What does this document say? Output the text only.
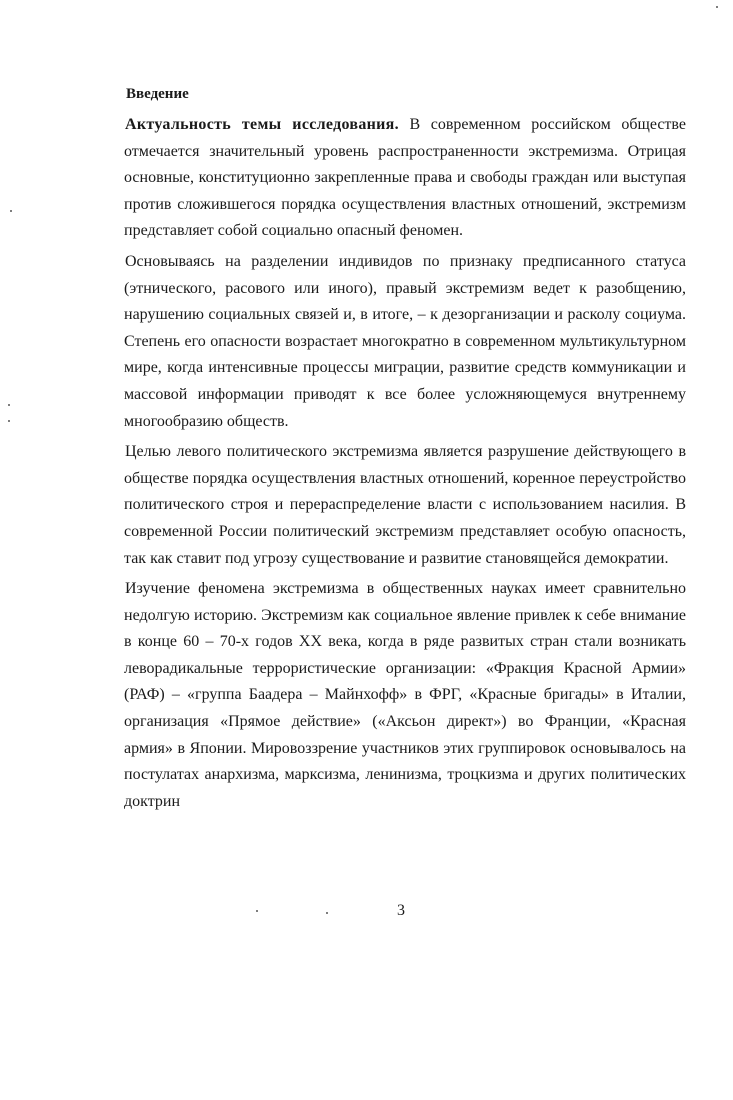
Введение

Актуальность темы исследования. В современном российском обществе отмечается значительный уровень распространенности экстремизма. Отрицая основные, конституционно закрепленные права и свободы граждан или выступая против сложившегося порядка осуществления властных отношений, экстремизм представляет собой социально опасный феномен.

Основываясь на разделении индивидов по признаку предписанного статуса (этнического, расового или иного), правый экстремизм ведет к разобщению, нарушению социальных связей и, в итоге, – к дезорганизации и расколу социума. Степень его опасности возрастает многократно в современном мультикультурном мире, когда интенсивные процессы миграции, развитие средств коммуникации и массовой информации приводят к все более усложняющемуся внутреннему многообразию обществ.

Целью левого политического экстремизма является разрушение действующего в обществе порядка осуществления властных отношений, коренное переустройство политического строя и перераспределение власти с использованием насилия. В современной России политический экстремизм представляет особую опасность, так как ставит под угрозу существование и развитие становящейся демократии.

Изучение феномена экстремизма в общественных науках имеет сравнительно недолгую историю. Экстремизм как социальное явление привлек к себе внимание в конце 60 – 70-х годов XX века, когда в ряде развитых стран стали возникать леворадикальные террористические организации: «Фракция Красной Армии» (РАФ) – «группа Баадера – Майнхофф» в ФРГ, «Красные бригады» в Италии, организация «Прямое действие» («Аксьон директ») во Франции, «Красная армия» в Японии. Мировоззрение участников этих группировок основывалось на постулатах анархизма, марксизма, ленинизма, троцкизма и других политических доктрин

3
